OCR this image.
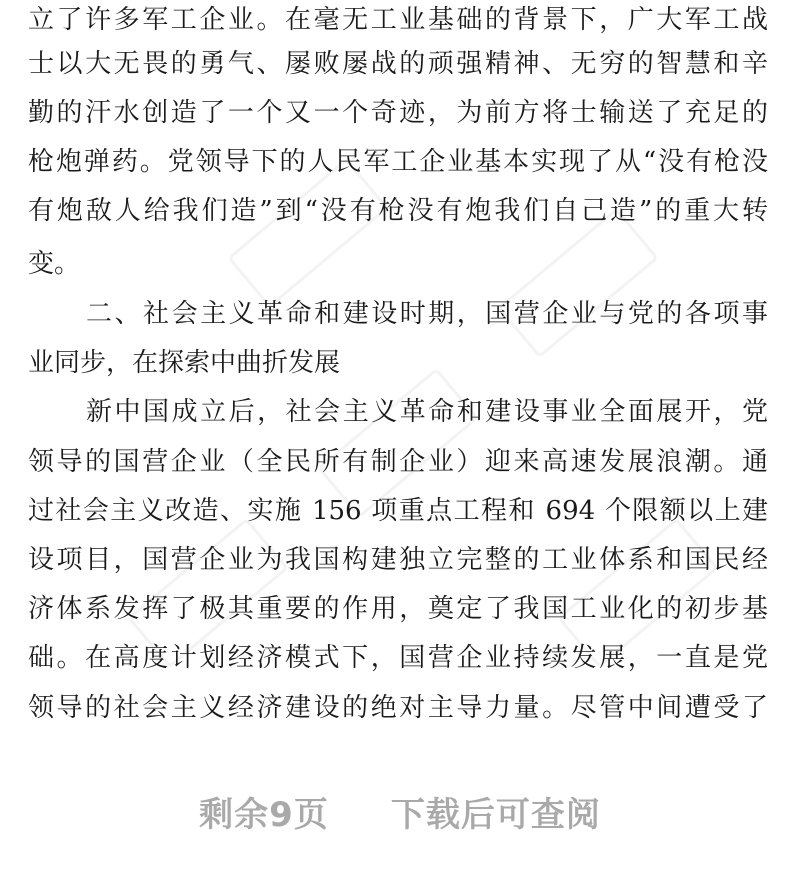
立了许多军工企业。在毫无工业基础的背景下，广大军工战
士以大无畏的勇气、屡败屡战的顽强精神、无穷的智慧和辛
勤的汗水创造了一个又一个奇迹，为前方将士输送了充足的
枪炮弹药。党领导下的人民军工企业基本实现了从“没有枪没
有炮敌人给我们造”到“没有枪没有炮我们自己造”的重大转
变。
二、社会主义革命和建设时期，国营企业与党的各项事
业同步，在探索中曲折发展
新中国成立后，社会主义革命和建设事业全面展开，党
领导的国营企业（全民所有制企业）迎来高速发展浪潮。通
过社会主义改造、实施 156 项重点工程和 694 个限额以上建
设项目，国营企业为我国构建独立完整的工业体系和国民经
济体系发挥了极其重要的作用，奠定了我国工业化的初步基
础。在高度计划经济模式下，国营企业持续发展，一直是党
领导的社会主义经济建设的绝对主导力量。尽管中间遭受了
剩余9页 下载后可查阅
